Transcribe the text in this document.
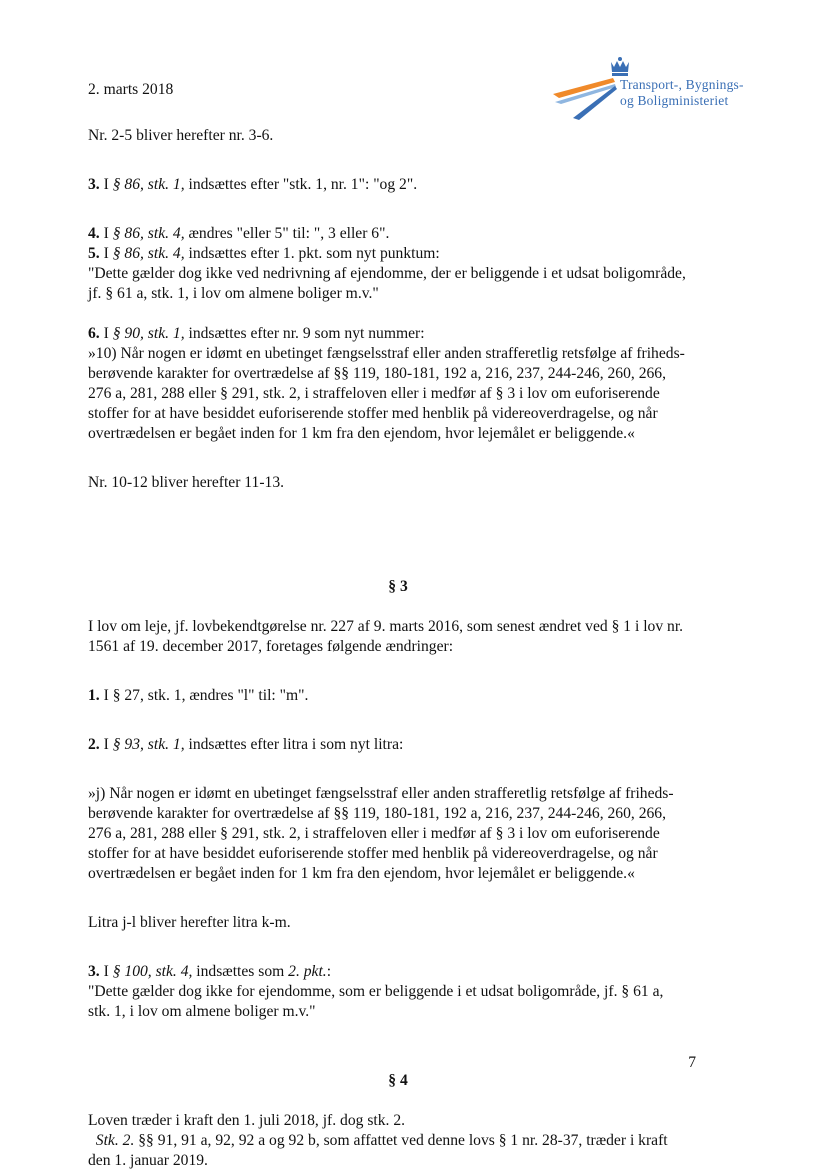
2. marts 2018	Transport-, Bygnings-
og Boligministeriet

Nr. 2-5 bliver herefter nr. 3-6.

3. I § 86, stk. 1, indsættes efter "stk. 1, nr. 1": "og 2".

4. I § 86, stk. 4, ændres "eller 5" til: ", 3 eller 6".

5. I § 86, stk. 4, indsættes efter 1. pkt. som nyt punktum:

"Dette gælder dog ikke ved nedrivning af ejendomme, der er beliggende i et udsat boligområde,

jf. § 61 a, stk. 1, i lov om almene boliger m.v."

6. I § 90, stk. 1, indsættes efter nr. 9 som nyt nummer:

»10) Når nogen er idømt en ubetinget fængselsstraf eller anden strafferetlig retsfølge af friheds-

berøvende karakter for overtrædelse af §§ 119, 180-181, 192 a, 216, 237, 244-246, 260, 266,

276 a, 281, 288 eller § 291, stk. 2, i straffeloven eller i medfør af § 3 i lov om euforiserende

stoffer for at have besiddet euforiserende stoffer med henblik på videreoverdragelse, og når

overtrædelsen er begået inden for 1 km fra den ejendom, hvor lejemålet er beliggende.«

Nr. 10-12 bliver herefter 11-13.

§ 3

I lov om leje, jf. lovbekendtgørelse nr. 227 af 9. marts 2016, som senest ændret ved § 1 i lov nr.

1561 af 19. december 2017, foretages følgende ændringer:

1. I § 27, stk. 1, ændres "l" til: "m".

2. I § 93, stk. 1, indsættes efter litra i som nyt litra:

»j) Når nogen er idømt en ubetinget fængselsstraf eller anden strafferetlig retsfølge af friheds-

berøvende karakter for overtrædelse af §§ 119, 180-181, 192 a, 216, 237, 244-246, 260, 266,

276 a, 281, 288 eller § 291, stk. 2, i straffeloven eller i medfør af § 3 i lov om euforiserende

stoffer for at have besiddet euforiserende stoffer med henblik på videreoverdragelse, og når

overtrædelsen er begået inden for 1 km fra den ejendom, hvor lejemålet er beliggende.«

Litra j-l bliver herefter litra k-m.

3. I § 100, stk. 4, indsættes som 2. pkt.:

"Dette gælder dog ikke for ejendomme, som er beliggende i et udsat boligområde, jf. § 61 a,

stk. 1, i lov om almene boliger m.v."

§ 4

Loven træder i kraft den 1. juli 2018, jf. dog stk. 2.

Stk. 2. §§ 91, 91 a, 92, 92 a og 92 b, som affattet ved denne lovs § 1 nr. 28-37, træder i kraft

den 1. januar 2019.

7
